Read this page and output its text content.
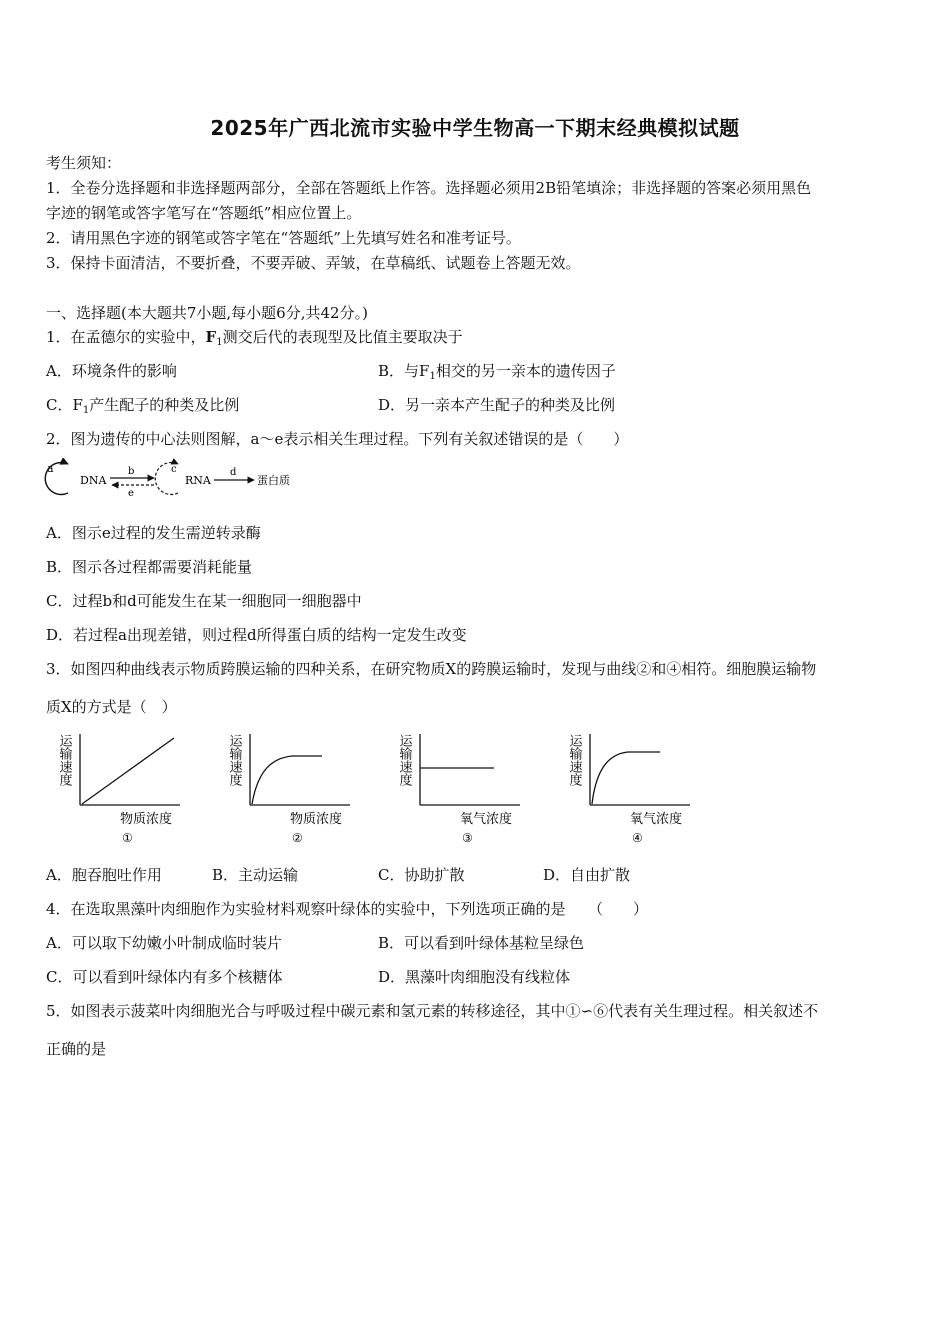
2025年广西北流市实验中学生物高一下期末经典模拟试题
考生须知：
1．全卷分选择题和非选择题两部分，全部在答题纸上作答。选择题必须用2B铅笔填涂；非选择题的答案必须用黑色
字迹的钢笔或答字笔写在“答题纸”相应位置上。
2．请用黑色字迹的钢笔或答字笔在“答题纸”上先填写姓名和准考证号。
3．保持卡面清洁，不要折叠，不要弄破、弄皱，在草稿纸、试题卷上答题无效。
一、选择题(本大题共7小题,每小题6分,共42分。)
1．在孟德尔的实验中，$F_1$测交后代的表现型及比值主要取决于
A．环境条件的影响	B．与$F_1$相交的另一亲本的遗传因子
C．$F_1$产生配子的种类及比例	D．另一亲本产生配子的种类及比例
2．图为遗传的中心法则图解，a～e表示相关生理过程。下列有关叙述错误的是（　　）
a
DNA
b
e
c
RNA
d
蛋白质
A．图示e过程的发生需逆转录酶
B．图示各过程都需要消耗能量
C．过程b和d可能发生在某一细胞同一细胞器中
D．若过程a出现差错，则过程d所得蛋白质的结构一定发生改变
3．如图四种曲线表示物质跨膜运输的四种关系，在研究物质X的跨膜运输时，发现与曲线②和④相符。细胞膜运输物
质X的方式是（　）
运输速度
物质浓度
①
运输速度
物质浓度
②
运输速度
氧气浓度
③
运输速度
氧气浓度
④
A．胞吞胞吐作用	B．主动运输	C．协助扩散	D．自由扩散
4．在选取黑藻叶肉细胞作为实验材料观察叶绿体的实验中，下列选项正确的是　　（　　）
A．可以取下幼嫩小叶制成临时装片	B．可以看到叶绿体基粒呈绿色
C．可以看到叶绿体内有多个核糖体	D．黑藻叶肉细胞没有线粒体
5．如图表示菠菜叶肉细胞光合与呼吸过程中碳元素和氢元素的转移途径，其中①∽⑥代表有关生理过程。相关叙述不
正确的是
